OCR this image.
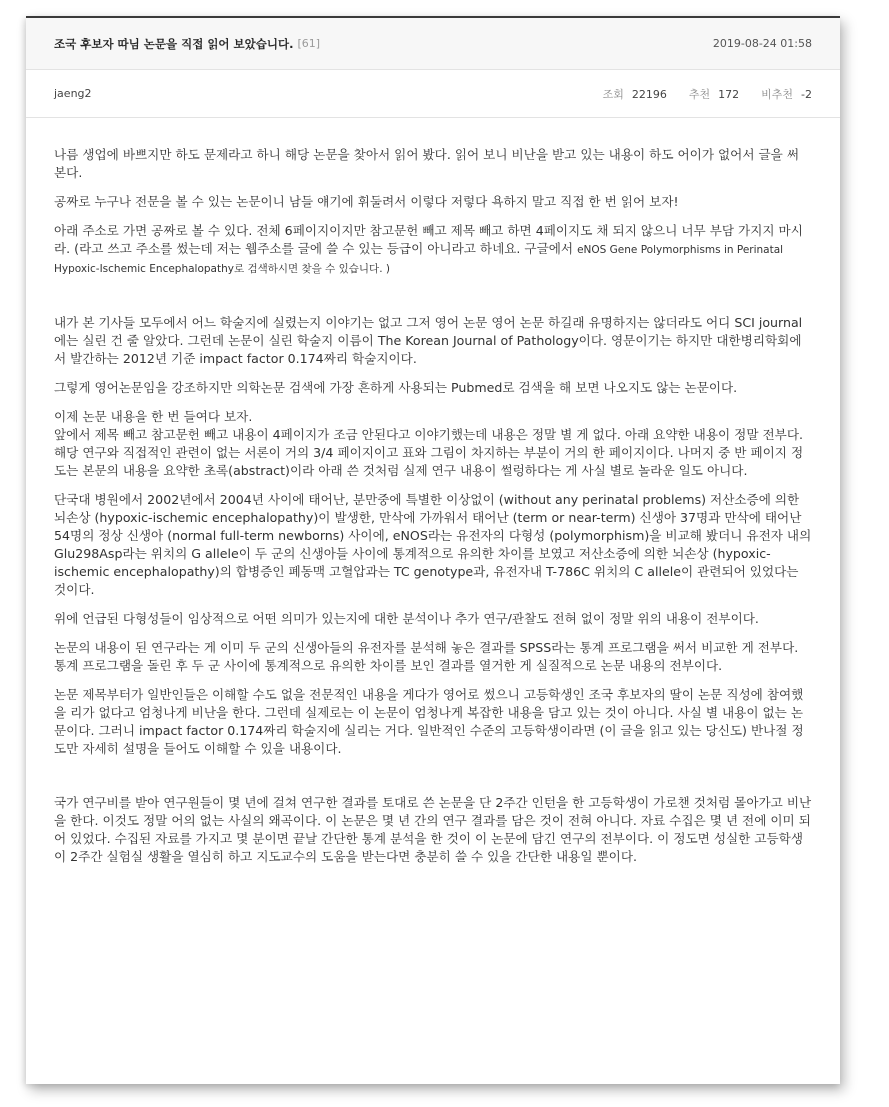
조국 후보자 따님 논문을 직접 읽어 보았습니다. [61]	2019-08-24 01:58
jaeng2	조회 22196 추천 172 비추천 -2

나름 생업에 바쁘지만 하도 문제라고 하니 해당 논문을 찾아서 읽어 봤다. 읽어 보니 비난을 받고 있는 내용이 하도 어이가 없어서 글을 써 본다.

공짜로 누구나 전문을 볼 수 있는 논문이니 남들 얘기에 휘둘려서 이렇다 저렇다 욕하지 말고 직접 한 번 읽어 보자!

아래 주소로 가면 공짜로 볼 수 있다. 전체 6페이지이지만 참고문헌 빼고 제목 빼고 하면 4페이지도 채 되지 않으니 너무 부담 가지지 마시라. (라고 쓰고 주소를 썼는데 저는 웹주소를 글에 쓸 수 있는 등급이 아니라고 하네요. 구글에서 eNOS Gene Polymorphisms in Perinatal Hypoxic-Ischemic Encephalopathy로 검색하시면 찾을 수 있습니다. )

내가 본 기사들 모두에서 어느 학술지에 실렸는지 이야기는 없고 그저 영어 논문 영어 논문 하길래 유명하지는 않더라도 어디 SCI journal에는 실린 건 줄 알았다. 그런데 논문이 실린 학술지 이름이 The Korean Journal of Pathology이다. 영문이기는 하지만 대한병리학회에서 발간하는 2012년 기준 impact factor 0.174짜리 학술지이다.

그렇게 영어논문임을 강조하지만 의학논문 검색에 가장 흔하게 사용되는 Pubmed로 검색을 해 보면 나오지도 않는 논문이다.

이제 논문 내용을 한 번 들여다 보자.

앞에서 제목 빼고 참고문헌 빼고 내용이 4페이지가 조금 안된다고 이야기했는데 내용은 정말 별 게 없다. 아래 요약한 내용이 정말 전부다. 해당 연구와 직접적인 관련이 없는 서론이 거의 3/4 페이지이고 표와 그림이 차지하는 부분이 거의 한 페이지이다. 나머지 중 반 페이지 정도는 본문의 내용을 요약한 초록(abstract)이라 아래 쓴 것처럼 실제 연구 내용이 썰렁하다는 게 사실 별로 놀라운 일도 아니다.

단국대 병원에서 2002년에서 2004년 사이에 태어난, 분만중에 특별한 이상없이 (without any perinatal problems) 저산소증에 의한 뇌손상 (hypoxic-ischemic encephalopathy)이 발생한, 만삭에 가까워서 태어난 (term or near-term) 신생아 37명과 만삭에 태어난 54명의 정상 신생아 (normal full-term newborns) 사이에, eNOS라는 유전자의 다형성 (polymorphism)을 비교해 봤더니 유전자 내의 Glu298Asp라는 위치의 G allele이 두 군의 신생아들 사이에 통계적으로 유의한 차이를 보였고 저산소증에 의한 뇌손상 (hypoxic-ischemic encephalopathy)의 합병증인 폐동맥 고혈압과는 TC genotype과, 유전자내 T-786C 위치의 C allele이 관련되어 있었다는 것이다.

위에 언급된 다형성들이 임상적으로 어떤 의미가 있는지에 대한 분석이나 추가 연구/관찰도 전혀 없이 정말 위의 내용이 전부이다.

논문의 내용이 된 연구라는 게 이미 두 군의 신생아들의 유전자를 분석해 놓은 결과를 SPSS라는 통계 프로그램을 써서 비교한 게 전부다. 통계 프로그램을 돌린 후 두 군 사이에 통계적으로 유의한 차이를 보인 결과를 열거한 게 실질적으로 논문 내용의 전부이다.

논문 제목부터가 일반인들은 이해할 수도 없을 전문적인 내용을 게다가 영어로 썼으니 고등학생인 조국 후보자의 딸이 논문 직성에 참여했을 리가 없다고 엄청나게 비난을 한다. 그런데 실제로는 이 논문이 엄청나게 복잡한 내용을 담고 있는 것이 아니다. 사실 별 내용이 없는 논문이다. 그러니 impact factor 0.174짜리 학술지에 실리는 거다. 일반적인 수준의 고등학생이라면 (이 글을 읽고 있는 당신도) 반나절 정도만 자세히 설명을 들어도 이해할 수 있을 내용이다.

국가 연구비를 받아 연구원들이 몇 년에 걸쳐 연구한 결과를 토대로 쓴 논문을 단 2주간 인턴을 한 고등학생이 가로챈 것처럼 몰아가고 비난을 한다. 이것도 정말 어의 없는 사실의 왜곡이다. 이 논문은 몇 년 간의 연구 결과를 담은 것이 전혀 아니다. 자료 수집은 몇 년 전에 이미 되어 있었다. 수집된 자료를 가지고 몇 분이면 끝날 간단한 통계 분석을 한 것이 이 논문에 담긴 연구의 전부이다. 이 정도면 성실한 고등학생이 2주간 실험실 생활을 열심히 하고 지도교수의 도움을 받는다면 충분히 쓸 수 있을 간단한 내용일 뿐이다.
